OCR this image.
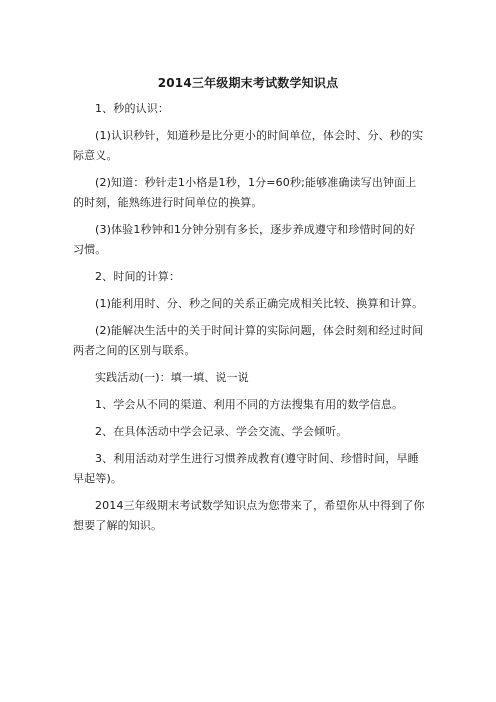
2014三年级期末考试数学知识点

1、秒的认识：

(1)认识秒针，知道秒是比分更小的时间单位，体会时、分、秒的实际意义。

(2)知道：秒针走1小格是1秒，1分=60秒;能够准确读写出钟面上的时刻，能熟练进行时间单位的换算。

(3)体验1秒钟和1分钟分别有多长，逐步养成遵守和珍惜时间的好习惯。

2、时间的计算：

(1)能利用时、分、秒之间的关系正确完成相关比较、换算和计算。

(2)能解决生活中的关于时间计算的实际问题，体会时刻和经过时间两者之间的区别与联系。

实践活动(一)：填一填、说一说

1、学会从不同的渠道、利用不同的方法搜集有用的数学信息。

2、在具体活动中学会记录、学会交流、学会倾听。

3、利用活动对学生进行习惯养成教育(遵守时间、珍惜时间，早睡早起等)。

2014三年级期末考试数学知识点为您带来了，希望你从中得到了你想要了解的知识。
